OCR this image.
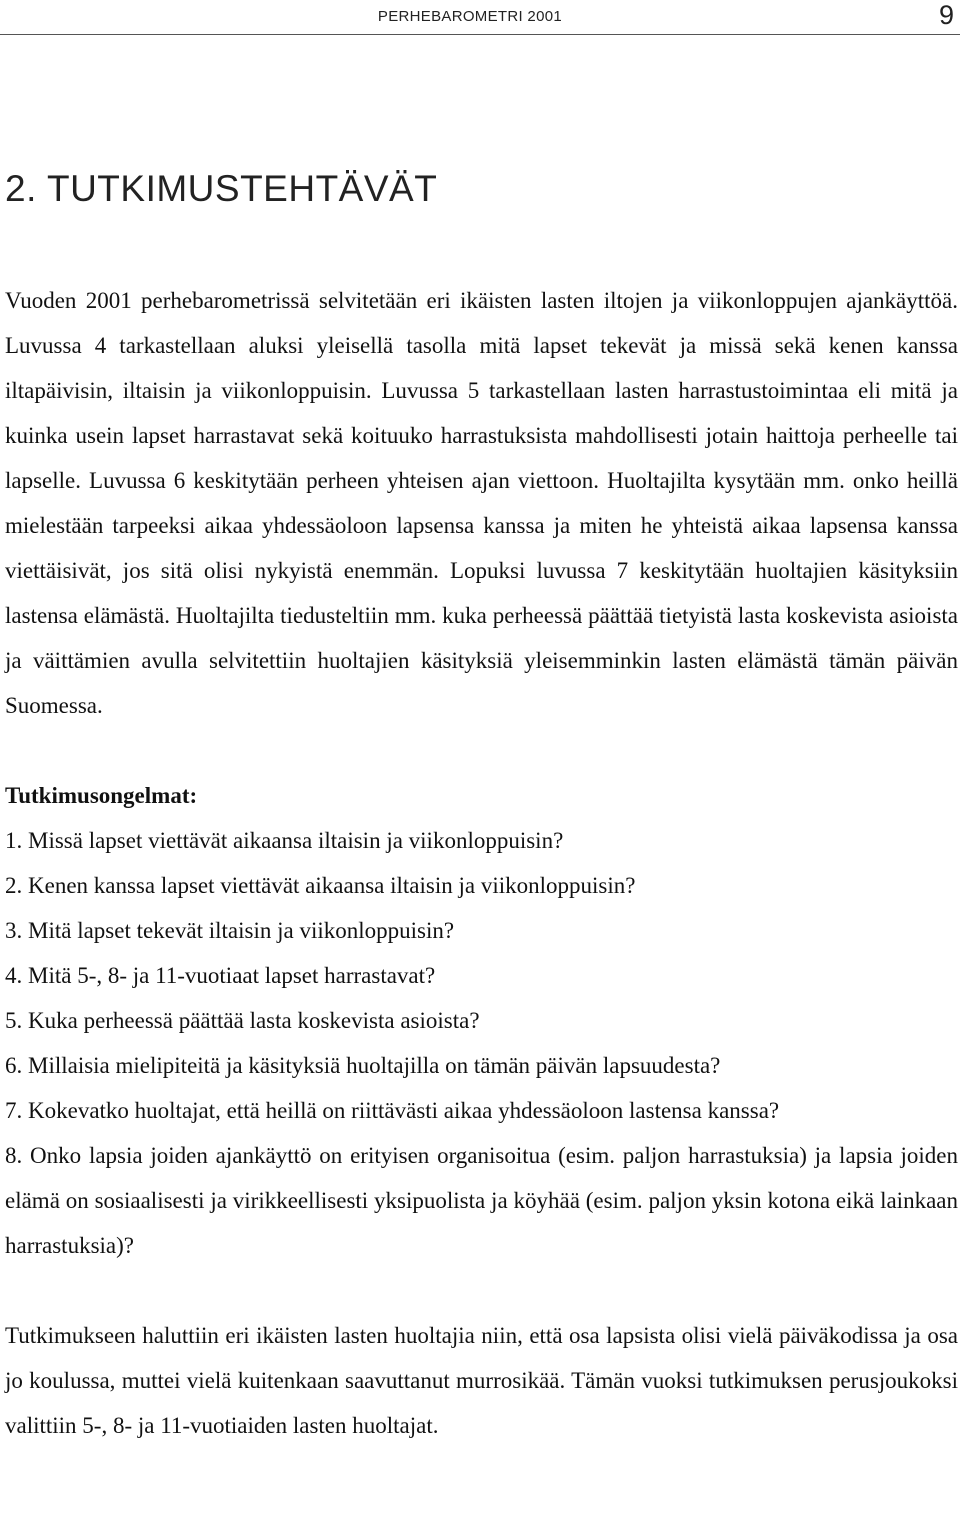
PERHEBAROMETRI 2001	9
2. TUTKIMUSTEHTÄVÄT

Vuoden 2001 perhebarometrissä selvitetään eri ikäisten lasten iltojen ja viikonloppujen ajankäyttöä. Luvussa 4 tarkastellaan aluksi yleisellä tasolla mitä lapset tekevät ja missä sekä kenen kanssa iltapäivisin, iltaisin ja viikonloppuisin. Luvussa 5 tarkastellaan lasten harrastustoimintaa eli mitä ja kuinka usein lapset harrastavat sekä koituuko harrastuksista mahdollisesti jotain haittoja perheelle tai lapselle. Luvussa 6 keskitytään perheen yhteisen ajan viettoon. Huoltajilta kysytään mm. onko heillä mielestään tarpeeksi aikaa yhdessäoloon lapsensa kanssa ja miten he yhteistä aikaa lapsensa kanssa viettäisivät, jos sitä olisi nykyistä enemmän. Lopuksi luvussa 7 keskitytään huoltajien käsityksiin lastensa elämästä. Huoltajilta tiedusteltiin mm. kuka perheessä päättää tietyistä lasta koskevista asioista ja väittämien avulla selvitettiin huoltajien käsityksiä yleisemminkin lasten elämästä tämän päivän Suomessa.

Tutkimusongelmat:

1. Missä lapset viettävät aikaansa iltaisin ja viikonloppuisin?
2. Kenen kanssa lapset viettävät aikaansa iltaisin ja viikonloppuisin?
3. Mitä lapset tekevät iltaisin ja viikonloppuisin?
4. Mitä 5-, 8- ja 11-vuotiaat lapset harrastavat?
5. Kuka perheessä päättää lasta koskevista asioista?
6. Millaisia mielipiteitä ja käsityksiä huoltajilla on tämän päivän lapsuudesta?
7. Kokevatko huoltajat, että heillä on riittävästi aikaa yhdessäoloon lastensa kanssa?
8. Onko lapsia joiden ajankäyttö on erityisen organisoitua (esim. paljon harrastuksia) ja lapsia joiden elämä on sosiaalisesti ja virikkeellisesti yksipuolista ja köyhää (esim. paljon yksin kotona eikä lainkaan harrastuksia)?

Tutkimukseen haluttiin eri ikäisten lasten huoltajia niin, että osa lapsista olisi vielä päiväkodissa ja osa jo koulussa, muttei vielä kuitenkaan saavuttanut murrosikää. Tämän vuoksi tutkimuksen perusjoukoksi valittiin 5-, 8- ja 11-vuotiaiden lasten huoltajat.
